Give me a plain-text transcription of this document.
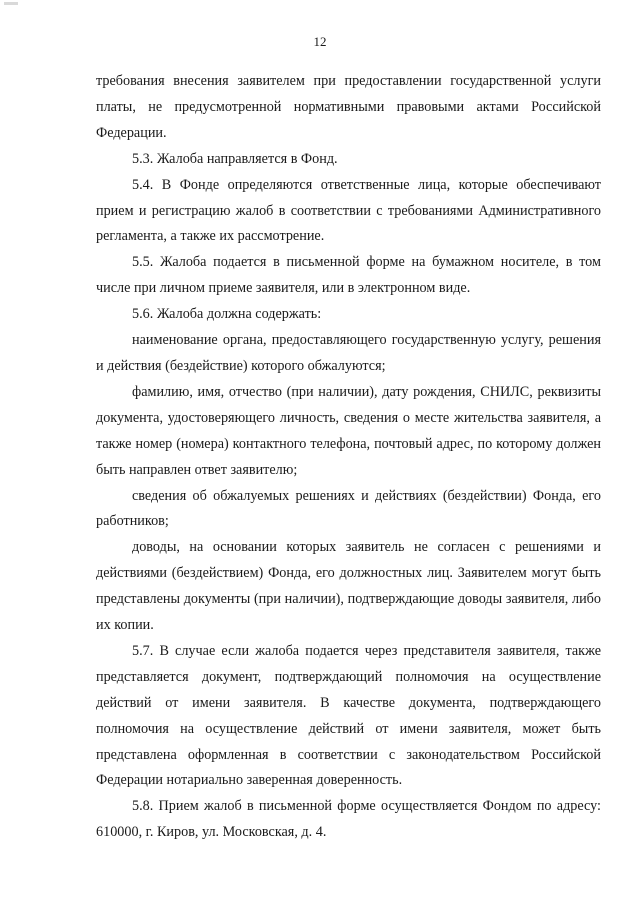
12

требования внесения заявителем при предоставлении государственной услуги платы, не предусмотренной нормативными правовыми актами Российской Федерации.

5.3. Жалоба направляется в Фонд.

5.4. В Фонде определяются ответственные лица, которые обеспечивают прием и регистрацию жалоб в соответствии с требованиями Административного регламента, а также их рассмотрение.

5.5. Жалоба подается в письменной форме на бумажном носителе, в том числе при личном приеме заявителя, или в электронном виде.

5.6. Жалоба должна содержать:

наименование органа, предоставляющего государственную услугу, решения и действия (бездействие) которого обжалуются;

фамилию, имя, отчество (при наличии), дату рождения, СНИЛС, реквизиты документа, удостоверяющего личность, сведения о месте жительства заявителя, а также номер (номера) контактного телефона, почтовый адрес, по которому должен быть направлен ответ заявителю;

сведения об обжалуемых решениях и действиях (бездействии) Фонда, его работников;

доводы, на основании которых заявитель не согласен с решениями и действиями (бездействием) Фонда, его должностных лиц. Заявителем могут быть представлены документы (при наличии), подтверждающие доводы заявителя, либо их копии.

5.7. В случае если жалоба подается через представителя заявителя, также представляется документ, подтверждающий полномочия на осуществление действий от имени заявителя. В качестве документа, подтверждающего полномочия на осуществление действий от имени заявителя, может быть представлена оформленная в соответствии с законодательством Российской Федерации нотариально заверенная доверенность.

5.8. Прием жалоб в письменной форме осуществляется Фондом по адресу: 610000, г. Киров, ул. Московская, д. 4.
